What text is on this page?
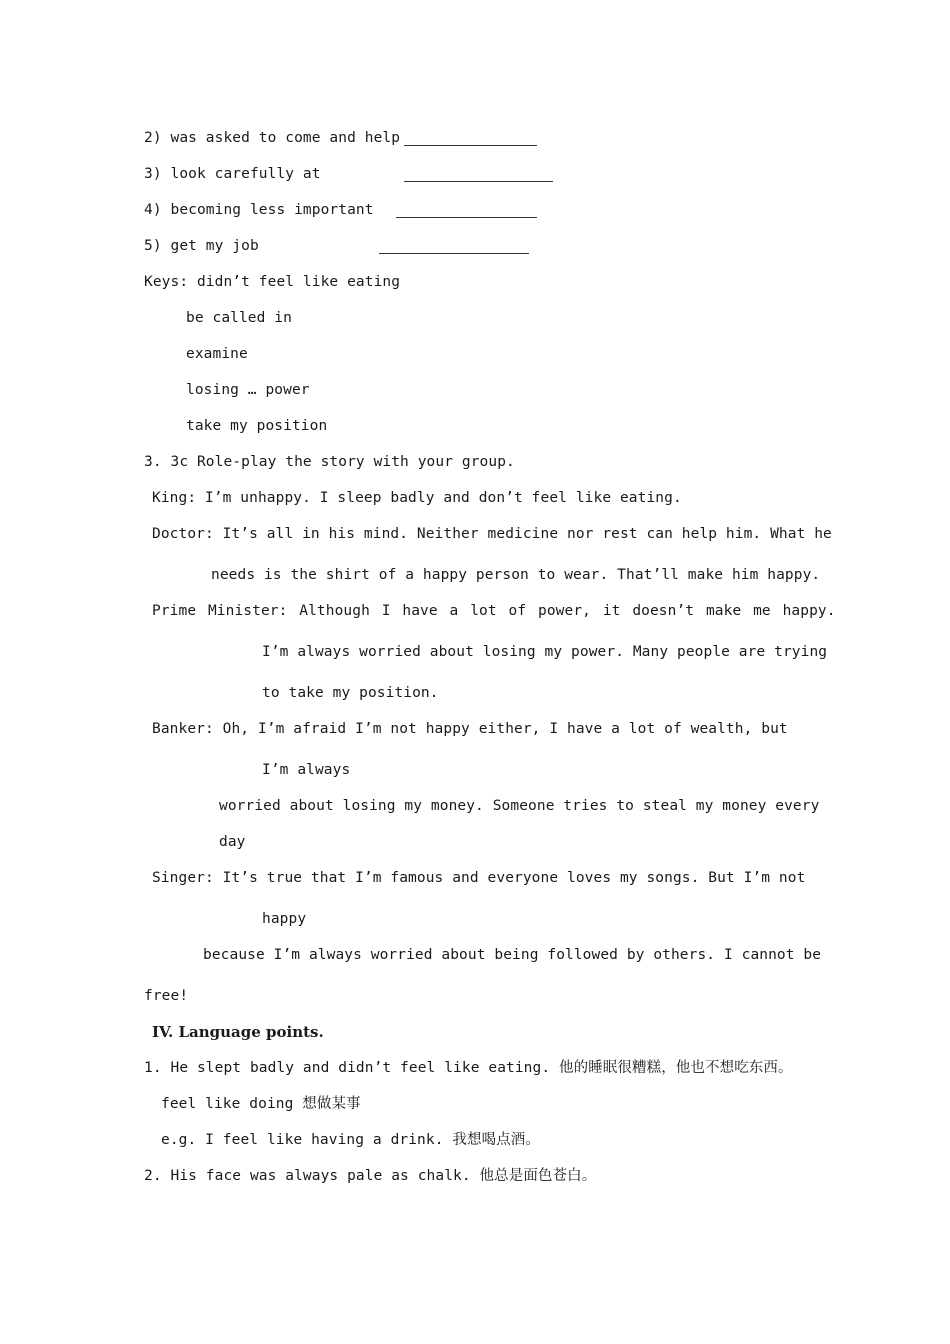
2) was asked to come and help
3) look carefully at
4) becoming less important
5) get my job
Keys: didn’t feel like eating
be called in
examine
losing … power
take my position
3. 3c Role-play the story with your group.
King: I’m unhappy. I sleep badly and don’t feel like eating.
Doctor: It’s all in his mind. Neither medicine nor rest can help him. What he
needs is the shirt of a happy person to wear. That’ll make him happy.
Prime Minister: Although I have a lot of power, it doesn’t make me happy.
I’m always worried about losing my power. Many people are trying
to take my position.
Banker: Oh, I’m afraid I’m not happy either, I have a lot of wealth, but
I’m always
worried about losing my money. Someone tries to steal my money every
day
Singer: It’s true that I’m famous and everyone loves my songs. But I’m not
happy
because I’m always worried about being followed by others. I cannot be
free!
IV. Language points.
1. He slept badly and didn’t feel like eating. 他的睡眠很糟糕，他也不想吃东西。
feel like doing 想做某事
e.g. I feel like having a drink. 我想喝点酒。
2. His face was always pale as chalk. 他总是面色苍白。
